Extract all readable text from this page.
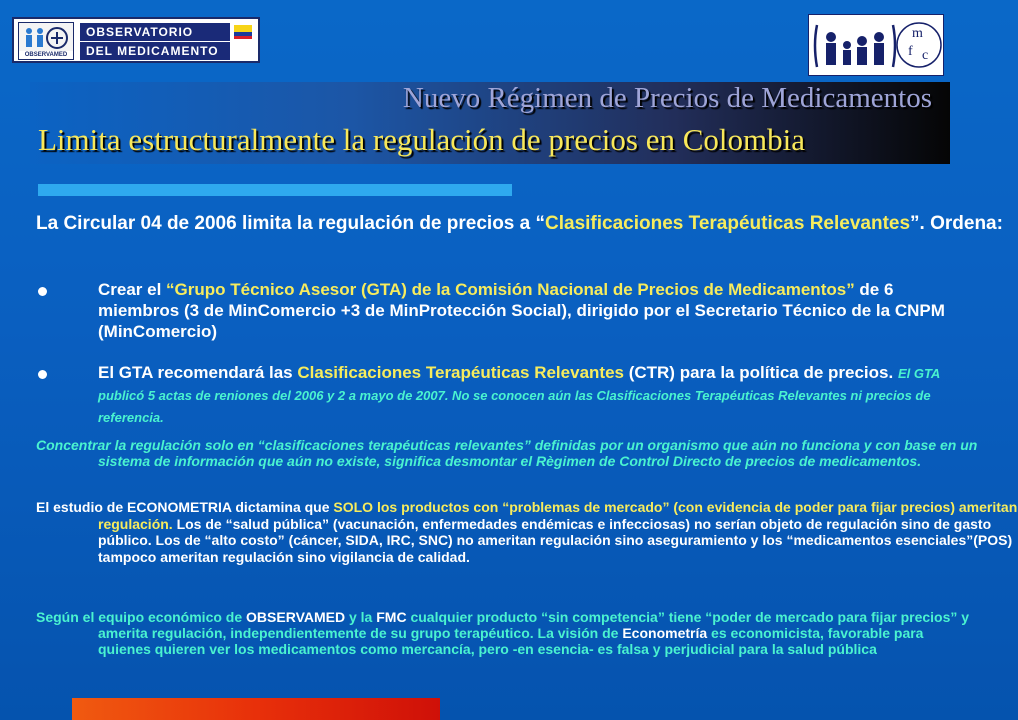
OBSERVAMED
OBSERVATORIO
DEL MEDICAMENTO
m
f c
Nuevo Régimen de Precios de Medicamentos
Limita estructuralmente la regulación de precios en Colombia
La Circular 04 de 2006 limita la regulación de precios a “Clasificaciones Terapéuticas Relevantes”. Ordena:
Crear el “Grupo Técnico Asesor (GTA) de la Comisión Nacional de Precios de Medicamentos” de 6 miembros (3 de MinComercio +3 de MinProtección Social), dirigido por el Secretario Técnico de la CNPM (MinComercio)
El GTA recomendará las Clasificaciones Terapéuticas Relevantes (CTR) para la política de precios. El GTA publicó 5 actas de reniones del 2006 y 2 a mayo de 2007. No se conocen aún las Clasificaciones Terapéuticas Relevantes ni precios de referencia.
Concentrar la regulación solo en “clasificaciones terapéuticas relevantes” definidas por un organismo que aún no funciona y con base en un sistema de información que aún no existe, significa desmontar el Règimen de Control Directo de precios de medicamentos.
El estudio de ECONOMETRIA dictamina que SOLO los productos con “problemas de mercado” (con evidencia de poder para fijar precios) ameritan regulación. Los de “salud pública” (vacunación, enfermedades endémicas e infecciosas) no serían objeto de regulación sino de gasto público. Los de “alto costo” (cáncer, SIDA, IRC, SNC) no ameritan regulación sino aseguramiento y los “medicamentos esenciales”(POS) tampoco ameritan regulación sino vigilancia de calidad.
Según el equipo económico de OBSERVAMED y la FMC cualquier producto “sin competencia” tiene “poder de mercado para fijar precios” y amerita regulación, independientemente de su grupo terapéutico. La visión de Econometría es economicista, favorable para quienes quieren ver los medicamentos como mercancía, pero -en esencia- es falsa y perjudicial para la salud pública
